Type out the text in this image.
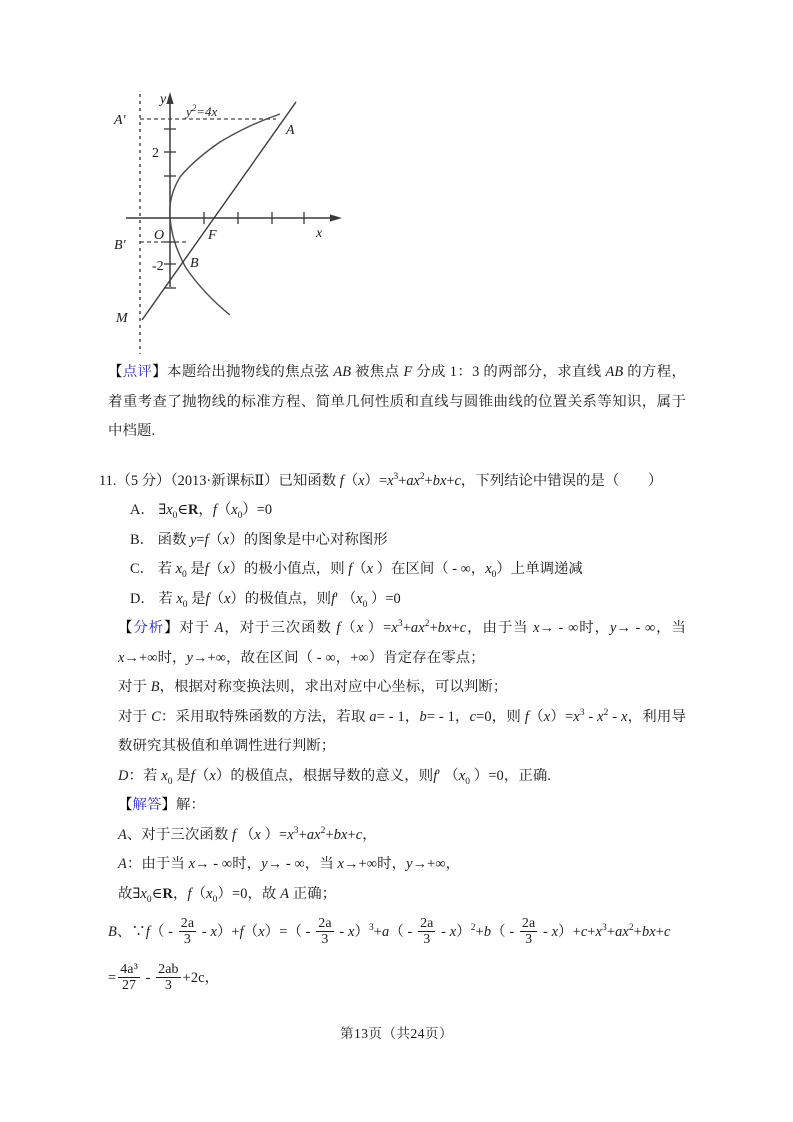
A′
A
2
y
O	F	x
B′
B
-2
M
$y^2=4x$
【点评】本题给出抛物线的焦点弦 AB 被焦点 F 分成 1：3 的两部分，求直线 AB 的方程，着重考查了抛物线的标准方程、简单几何性质和直线与圆锥曲线的位置关系等知识，属于中档题.
11.（5 分）（2013·新课标Ⅱ）已知函数 $f(x)=x^3+ax^2+bx+c$，下列结论中错误的是（　　）
A． $\exists x_0\in R$，$f(x_0)=0$
B． 函数 y=f（x）的图象是中心对称图形
C． 若 $x_0$ 是f（x）的极小值点，则 f（x ）在区间（ - ∞，$x_0$）上单调递减
D． 若 $x_0$ 是f（x）的极值点，则f′ （$x_0$ ）=0
【分析】对于 A，对于三次函数 f（x ）$=x^3+ax^2+bx+c$，由于当 x→ - ∞时，y→ - ∞，当 x→+∞时，y→+∞，故在区间（ - ∞，+∞）肯定存在零点；
对于 B，根据对称变换法则，求出对应中心坐标，可以判断；
对于 C：采用取特殊函数的方法，若取 a= - 1，b= - 1，c=0，则 $f(x)=x^3 - x^2 - x$，利用导数研究其极值和单调性进行判断；
D：若 $x_0$ 是f（x）的极值点，根据导数的意义，则f′ （$x_0$ ）=0，正确.
【解答】解：
A、对于三次函数 f （x ）$=x^3+ax^2+bx+c$，
A：由于当 x→ - ∞时，y→ - ∞，当 x→+∞时，y→+∞，
故$\exists x_0\in R$，$f(x_0)=0$，故 A 正确；
B、∵f（ - $\frac{2a}{3} - x)+f(x)=( - \frac{2a}{3} - x)^3+a( - \frac{2a}{3} - x)^2+b( - \frac{2a}{3} - x)+c+x^3+ax^2+bx+c$
= $\frac{\text{4a³}}{27} - \frac{2ab}{3} +2c$，
第13页（共24页）
